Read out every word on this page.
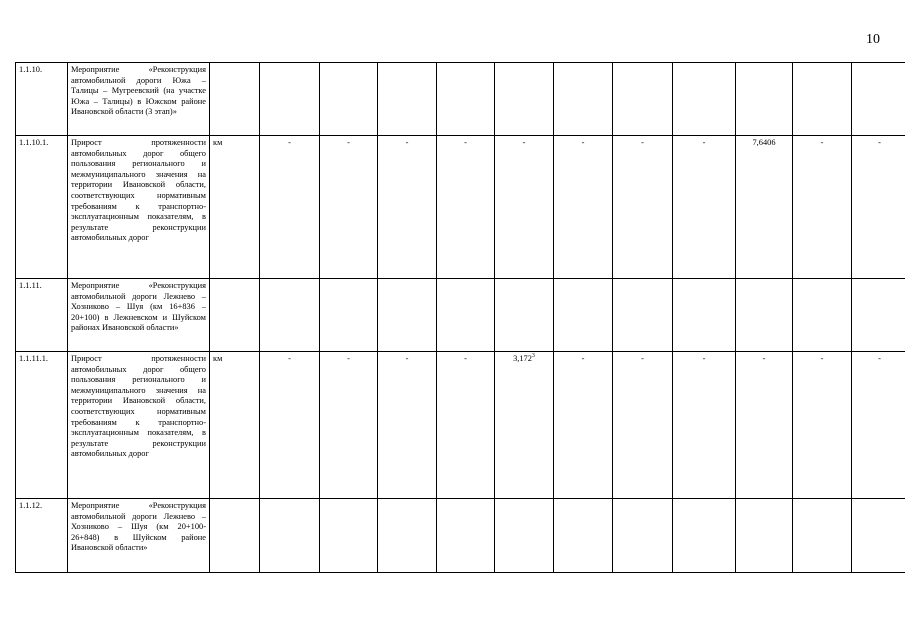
10
1.1.10.	Мероприятие «Реконструкция автомобильной дороги Южа – Талицы – Мугреевский (на участке Южа – Талицы) в Южском районе Ивановской области (3 этап)»												
1.1.10.1.	Прирост протяженности автомобильных дорог общего пользования регионального и межмуниципального значения на территории Ивановской области, соответствующих нормативным требованиям к транспортно-эксплуатационным показателям, в результате реконструкции автомобильных дорог	км	-	-	-	-	-	-	-	-	7,6406	-	-
1.1.11.	Мероприятие «Реконструкция автомобильной дороги Лежнево – Хозниково – Шуя (км 16+836 – 20+100) в Лежневском и Шуйском районах Ивановской области»												
1.1.11.1.	Прирост протяженности автомобильных дорог общего пользования регионального и межмуниципального значения на территории Ивановской области, соответствующих нормативным требованиям к транспортно-эксплуатационным показателям, в результате реконструкции автомобильных дорог	км	-	-	-	-	3,172$^3$	-	-	-	-	-	-
1.1.12.	Мероприятие «Реконструкция автомобильной дороги Лежнево – Хозниково – Шуя (км 20+100-26+848) в Шуйском районе Ивановской области»												
